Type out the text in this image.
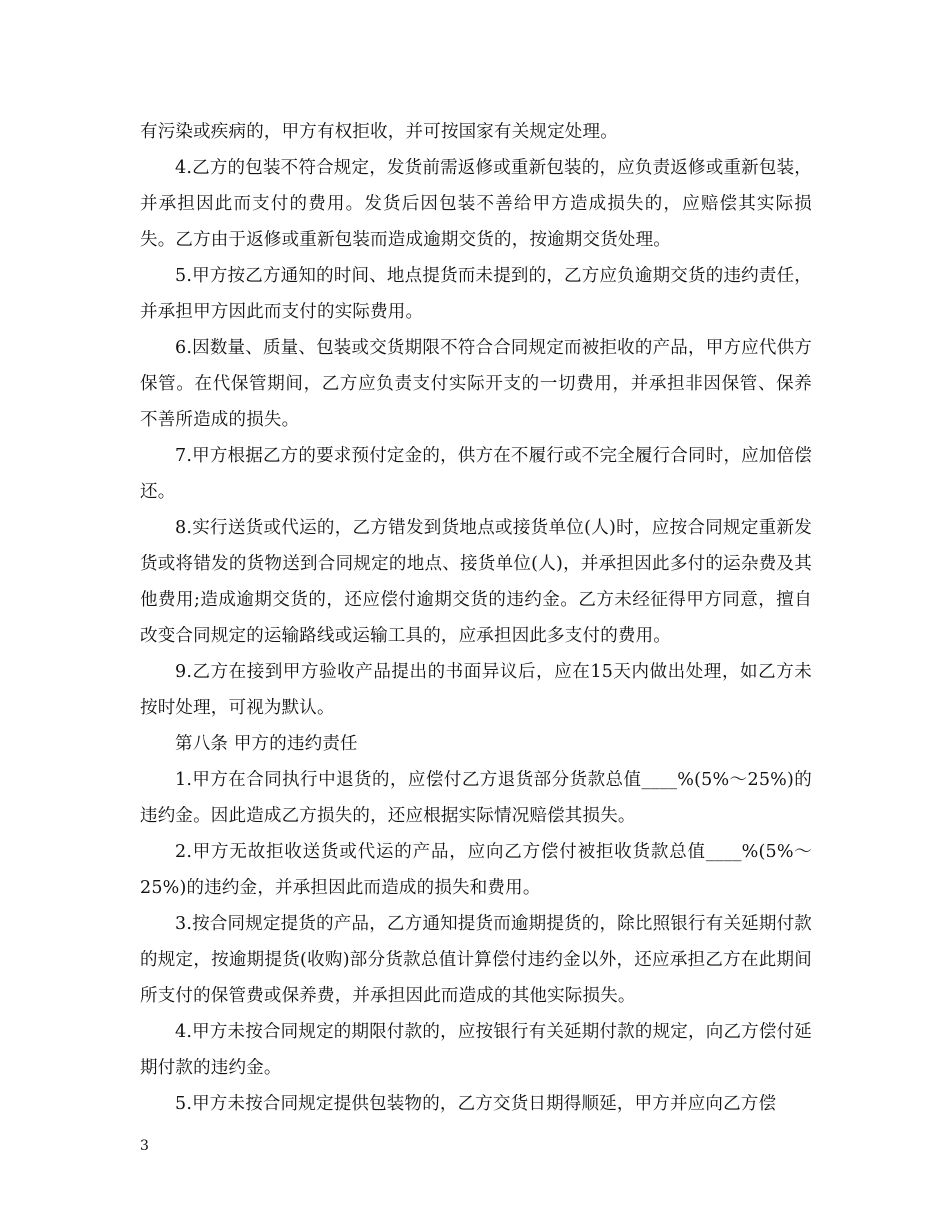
有污染或疾病的，甲方有权拒收，并可按国家有关规定处理。

4.乙方的包装不符合规定，发货前需返修或重新包装的，应负责返修或重新包装，并承担因此而支付的费用。发货后因包装不善给甲方造成损失的，应赔偿其实际损失。乙方由于返修或重新包装而造成逾期交货的，按逾期交货处理。

5.甲方按乙方通知的时间、地点提货而未提到的，乙方应负逾期交货的违约责任，并承担甲方因此而支付的实际费用。

6.因数量、质量、包装或交货期限不符合合同规定而被拒收的产品，甲方应代供方保管。在代保管期间，乙方应负责支付实际开支的一切费用，并承担非因保管、保养不善所造成的损失。

7.甲方根据乙方的要求预付定金的，供方在不履行或不完全履行合同时，应加倍偿还。

8.实行送货或代运的，乙方错发到货地点或接货单位(人)时，应按合同规定重新发货或将错发的货物送到合同规定的地点、接货单位(人)，并承担因此多付的运杂费及其他费用;造成逾期交货的，还应偿付逾期交货的违约金。乙方未经征得甲方同意，擅自改变合同规定的运输路线或运输工具的，应承担因此多支付的费用。

9.乙方在接到甲方验收产品提出的书面异议后，应在15天内做出处理，如乙方未按时处理，可视为默认。

第八条 甲方的违约责任

1.甲方在合同执行中退货的，应偿付乙方退货部分货款总值____%(5%～25%)的违约金。因此造成乙方损失的，还应根据实际情况赔偿其损失。

2.甲方无故拒收送货或代运的产品，应向乙方偿付被拒收货款总值____%(5%～25%)的违约金，并承担因此而造成的损失和费用。

3.按合同规定提货的产品，乙方通知提货而逾期提货的，除比照银行有关延期付款的规定，按逾期提货(收购)部分货款总值计算偿付违约金以外，还应承担乙方在此期间所支付的保管费或保养费，并承担因此而造成的其他实际损失。

4.甲方未按合同规定的期限付款的，应按银行有关延期付款的规定，向乙方偿付延期付款的违约金。

5.甲方未按合同规定提供包装物的，乙方交货日期得顺延，甲方并应向乙方偿

3
